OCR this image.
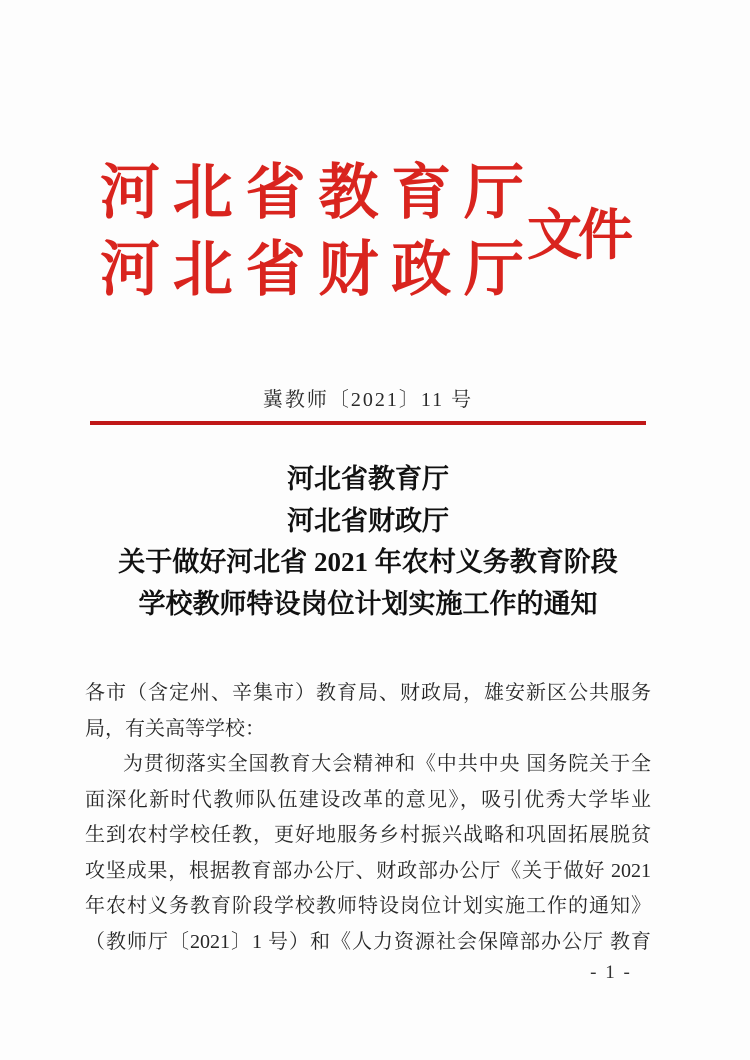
河北省教育厅
河北省财政厅
文件
冀教师〔2021〕11 号
河北省教育厅
河北省财政厅
关于做好河北省 2021 年农村义务教育阶段
学校教师特设岗位计划实施工作的通知
各市（含定州、辛集市）教育局、财政局，雄安新区公共服务
局，有关高等学校：
为贯彻落实全国教育大会精神和《中共中央 国务院关于全
面深化新时代教师队伍建设改革的意见》，吸引优秀大学毕业
生到农村学校任教，更好地服务乡村振兴战略和巩固拓展脱贫
攻坚成果，根据教育部办公厅、财政部办公厅《关于做好 2021
年农村义务教育阶段学校教师特设岗位计划实施工作的通知》
（教师厅〔2021〕1 号）和《人力资源社会保障部办公厅 教育
- 1 -
